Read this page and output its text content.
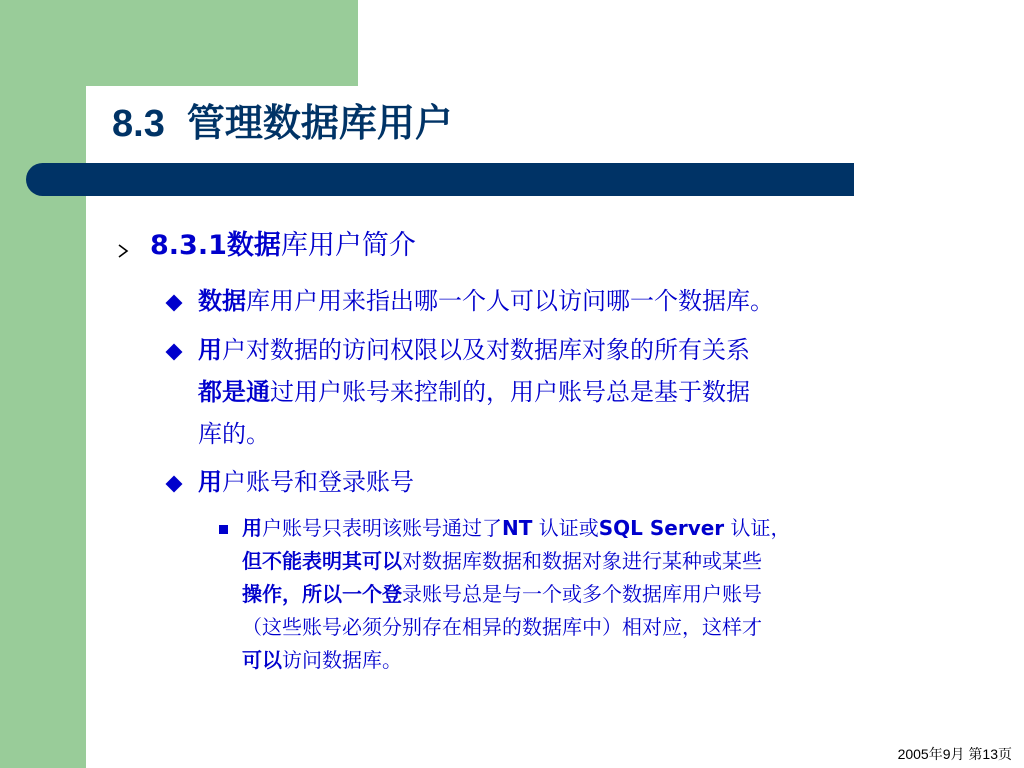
8.3 管理数据库用户
8.3.1数据库用户简介
数据库用户用来指出哪一个人可以访问哪一个数据库。
用户对数据的访问权限以及对数据库对象的所有关系
都是通过用户账号来控制的，用户账号总是基于数据
库的。
用户账号和登录账号
用户账号只表明该账号通过了NT 认证或SQL Server 认证，
但不能表明其可以对数据库数据和数据对象进行某种或某些
操作，所以一个登录账号总是与一个或多个数据库用户账号
（这些账号必须分别存在相异的数据库中）相对应，这样才
可以访问数据库。
2005年9月 第13页
